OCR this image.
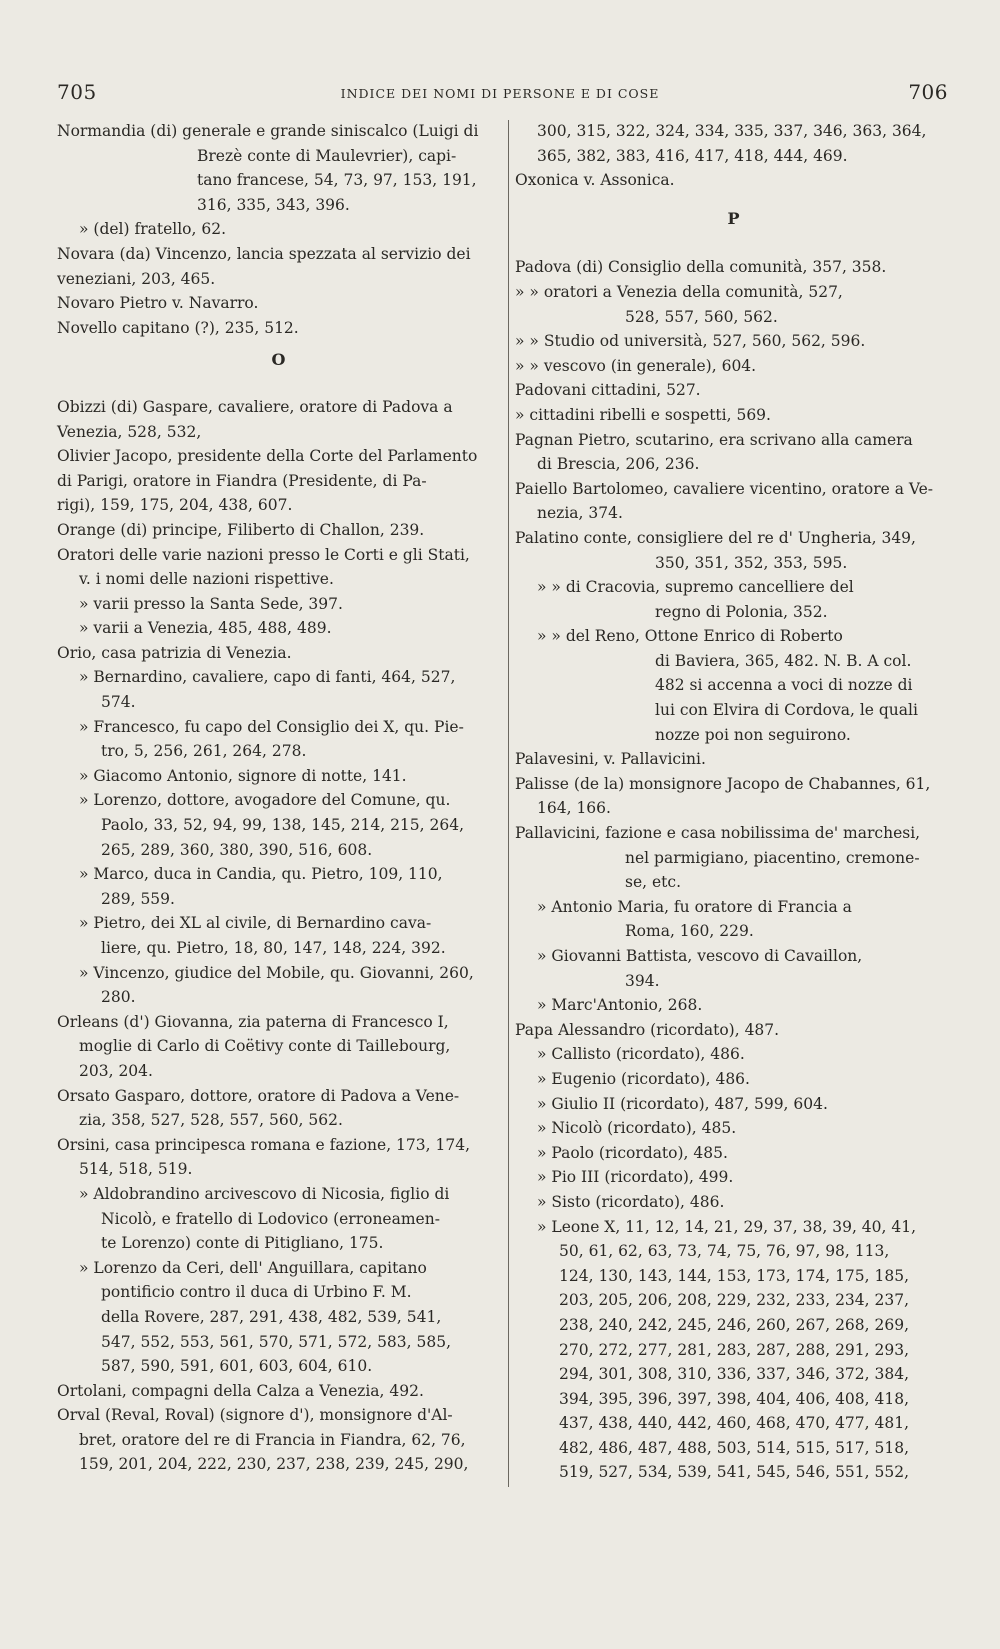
705	INDICE DEI NOMI DI PERSONE E DI COSE	706
Normandia (di) generale e grande siniscalco (Luigi di
Brezè conte di Maulevrier), capi-
tano francese, 54, 73, 97, 153, 191,
316, 335, 343, 396.
» (del) fratello, 62.
Novara (da) Vincenzo, lancia spezzata al servizio dei
veneziani, 203, 465.
Novaro Pietro v. Navarro.
Novello capitano (?), 235, 512.
O
Obizzi (di) Gaspare, cavaliere, oratore di Padova a
Venezia, 528, 532,
Olivier Jacopo, presidente della Corte del Parlamento
di Parigi, oratore in Fiandra (Presidente, di Pa-
rigi), 159, 175, 204, 438, 607.
Orange (di) principe, Filiberto di Challon, 239.
Oratori delle varie nazioni presso le Corti e gli Stati,
v. i nomi delle nazioni rispettive.
» varii presso la Santa Sede, 397.
» varii a Venezia, 485, 488, 489.
Orio, casa patrizia di Venezia.
» Bernardino, cavaliere, capo di fanti, 464, 527,
574.
» Francesco, fu capo del Consiglio dei X, qu. Pie-
tro, 5, 256, 261, 264, 278.
» Giacomo Antonio, signore di notte, 141.
» Lorenzo, dottore, avogadore del Comune, qu.
Paolo, 33, 52, 94, 99, 138, 145, 214, 215, 264,
265, 289, 360, 380, 390, 516, 608.
» Marco, duca in Candia, qu. Pietro, 109, 110,
289, 559.
» Pietro, dei XL al civile, di Bernardino cava-
liere, qu. Pietro, 18, 80, 147, 148, 224, 392.
» Vincenzo, giudice del Mobile, qu. Giovanni, 260,
280.
Orleans (d') Giovanna, zia paterna di Francesco I,
moglie di Carlo di Coëtivy conte di Taillebourg,
203, 204.
Orsato Gasparo, dottore, oratore di Padova a Vene-
zia, 358, 527, 528, 557, 560, 562.
Orsini, casa principesca romana e fazione, 173, 174,
514, 518, 519.
» Aldobrandino arcivescovo di Nicosia, figlio di
Nicolò, e fratello di Lodovico (erroneamen-
te Lorenzo) conte di Pitigliano, 175.
» Lorenzo da Ceri, dell' Anguillara, capitano
pontificio contro il duca di Urbino F. M.
della Rovere, 287, 291, 438, 482, 539, 541,
547, 552, 553, 561, 570, 571, 572, 583, 585,
587, 590, 591, 601, 603, 604, 610.
Ortolani, compagni della Calza a Venezia, 492.
Orval (Reval, Roval) (signore d'), monsignore d'Al-
bret, oratore del re di Francia in Fiandra, 62, 76,
159, 201, 204, 222, 230, 237, 238, 239, 245, 290,
300, 315, 322, 324, 334, 335, 337, 346, 363, 364,
365, 382, 383, 416, 417, 418, 444, 469.
Oxonica v. Assonica.
P
Padova (di) Consiglio della comunità, 357, 358.
» » oratori a Venezia della comunità, 527,
528, 557, 560, 562.
» » Studio od università, 527, 560, 562, 596.
» » vescovo (in generale), 604.
Padovani cittadini, 527.
» cittadini ribelli e sospetti, 569.
Pagnan Pietro, scutarino, era scrivano alla camera
di Brescia, 206, 236.
Paiello Bartolomeo, cavaliere vicentino, oratore a Ve-
nezia, 374.
Palatino conte, consigliere del re d' Ungheria, 349,
350, 351, 352, 353, 595.
» » di Cracovia, supremo cancelliere del
regno di Polonia, 352.
» » del Reno, Ottone Enrico di Roberto
di Baviera, 365, 482. N. B. A col.
482 si accenna a voci di nozze di
lui con Elvira di Cordova, le quali
nozze poi non seguirono.
Palavesini, v. Pallavicini.
Palisse (de la) monsignore Jacopo de Chabannes, 61,
164, 166.
Pallavicini, fazione e casa nobilissima de' marchesi,
nel parmigiano, piacentino, cremone-
se, etc.
» Antonio Maria, fu oratore di Francia a
Roma, 160, 229.
» Giovanni Battista, vescovo di Cavaillon,
394.
» Marc'Antonio, 268.
Papa Alessandro (ricordato), 487.
» Callisto (ricordato), 486.
» Eugenio (ricordato), 486.
» Giulio II (ricordato), 487, 599, 604.
» Nicolò (ricordato), 485.
» Paolo (ricordato), 485.
» Pio III (ricordato), 499.
» Sisto (ricordato), 486.
» Leone X, 11, 12, 14, 21, 29, 37, 38, 39, 40, 41,
50, 61, 62, 63, 73, 74, 75, 76, 97, 98, 113,
124, 130, 143, 144, 153, 173, 174, 175, 185,
203, 205, 206, 208, 229, 232, 233, 234, 237,
238, 240, 242, 245, 246, 260, 267, 268, 269,
270, 272, 277, 281, 283, 287, 288, 291, 293,
294, 301, 308, 310, 336, 337, 346, 372, 384,
394, 395, 396, 397, 398, 404, 406, 408, 418,
437, 438, 440, 442, 460, 468, 470, 477, 481,
482, 486, 487, 488, 503, 514, 515, 517, 518,
519, 527, 534, 539, 541, 545, 546, 551, 552,
